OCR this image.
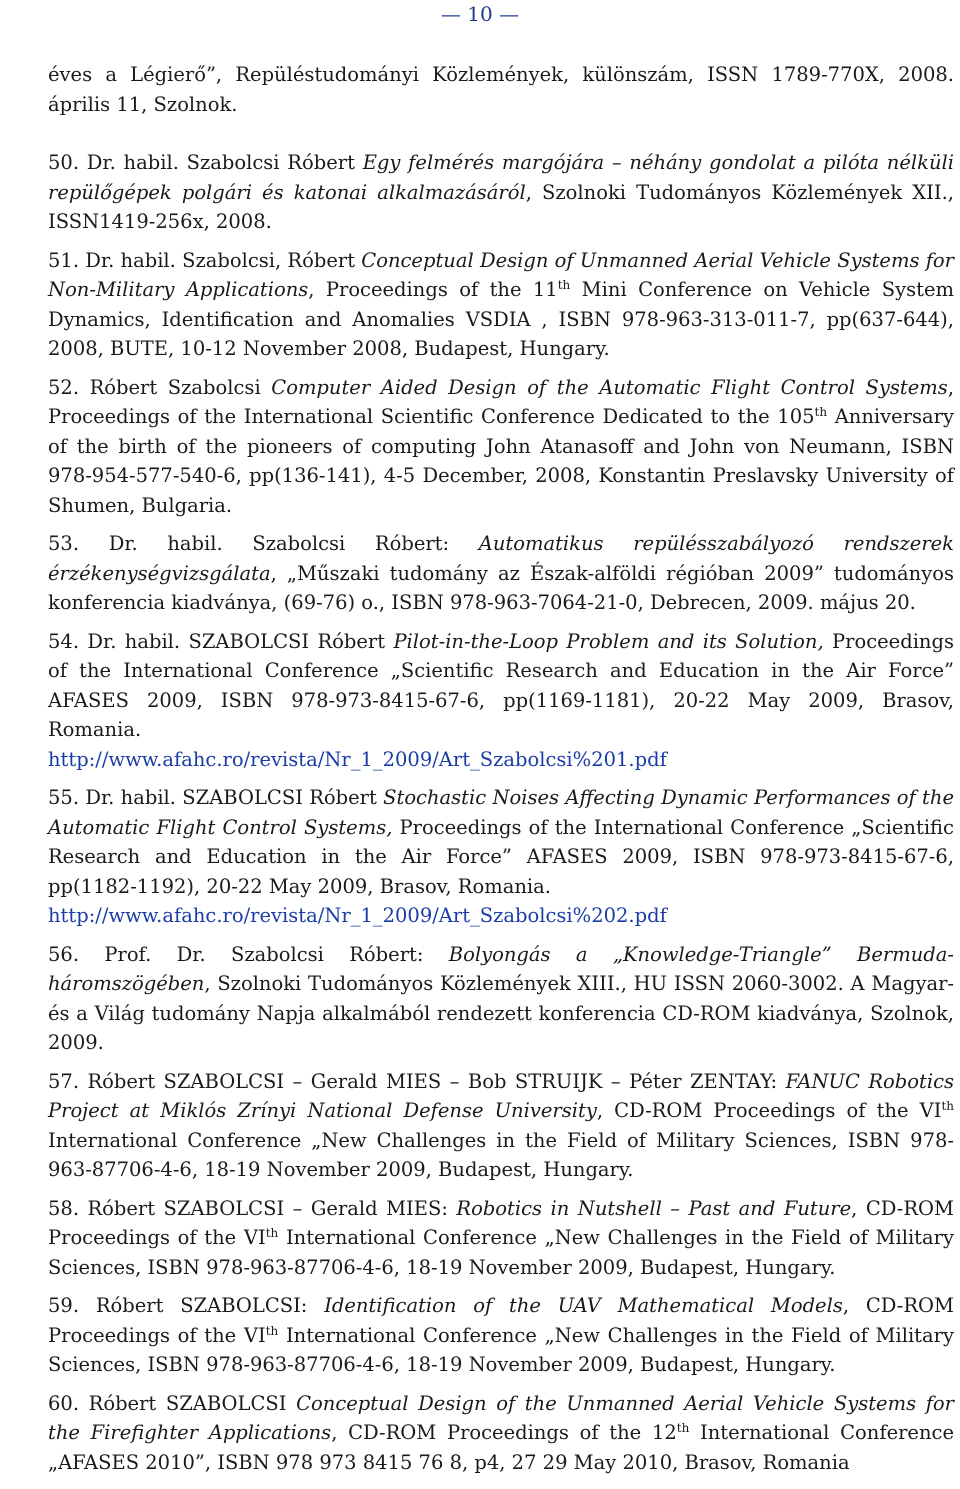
— 10 —

éves a Légierő”, Repüléstudományi Közlemények, különszám, ISSN 1789-770X, 2008. április 11, Szolnok.

50. Dr. habil. Szabolcsi Róbert Egy felmérés margójára – néhány gondolat a pilóta nélküli repülőgépek polgári és katonai alkalmazásáról, Szolnoki Tudományos Közlemények XII., ISSN1419-256x, 2008.

51. Dr. habil. Szabolcsi, Róbert Conceptual Design of Unmanned Aerial Vehicle Systems for Non-Military Applications, Proceedings of the 11th Mini Conference on Vehicle System Dynamics, Identification and Anomalies VSDIA , ISBN 978-963-313-011-7, pp(637-644), 2008, BUTE, 10-12 November 2008, Budapest, Hungary.

52. Róbert Szabolcsi Computer Aided Design of the Automatic Flight Control Systems, Proceedings of the International Scientific Conference Dedicated to the 105th Anniversary of the birth of the pioneers of computing John Atanasoff and John von Neumann, ISBN 978-954-577-540-6, pp(136-141), 4-5 December, 2008, Konstantin Preslavsky University of Shumen, Bulgaria.

53. Dr. habil. Szabolcsi Róbert: Automatikus repülésszabályozó rendszerek érzékenységvizsgálata, „Műszaki tudomány az Észak-alföldi régióban 2009” tudományos konferencia kiadványa, (69-76) o., ISBN 978-963-7064-21-0, Debrecen, 2009. május 20.

54. Dr. habil. SZABOLCSI Róbert Pilot-in-the-Loop Problem and its Solution, Proceedings of the International Conference „Scientific Research and Education in the Air Force” AFASES 2009, ISBN 978-973-8415-67-6, pp(1169-1181), 20-22 May 2009, Brasov, Romania.
http://www.afahc.ro/revista/Nr_1_2009/Art_Szabolcsi%201.pdf

55. Dr. habil. SZABOLCSI Róbert Stochastic Noises Affecting Dynamic Performances of the Automatic Flight Control Systems, Proceedings of the International Conference „Scientific Research and Education in the Air Force” AFASES 2009, ISBN 978-973-8415-67-6, pp(1182-1192), 20-22 May 2009, Brasov, Romania.
http://www.afahc.ro/revista/Nr_1_2009/Art_Szabolcsi%202.pdf

56. Prof. Dr. Szabolcsi Róbert: Bolyongás a „Knowledge-Triangle” Bermuda-háromszögében, Szolnoki Tudományos Közlemények XIII., HU ISSN 2060-3002. A Magyar- és a Világ tudomány Napja alkalmából rendezett konferencia CD-ROM kiadványa, Szolnok, 2009.

57. Róbert SZABOLCSI – Gerald MIES – Bob STRUIJK – Péter ZENTAY: FANUC Robotics Project at Miklós Zrínyi National Defense University, CD-ROM Proceedings of the VIth International Conference „New Challenges in the Field of Military Sciences, ISBN 978-963-87706-4-6, 18-19 November 2009, Budapest, Hungary.

58. Róbert SZABOLCSI – Gerald MIES: Robotics in Nutshell – Past and Future, CD-ROM Proceedings of the VIth International Conference „New Challenges in the Field of Military Sciences, ISBN 978-963-87706-4-6, 18-19 November 2009, Budapest, Hungary.

59. Róbert SZABOLCSI: Identification of the UAV Mathematical Models, CD-ROM Proceedings of the VIth International Conference „New Challenges in the Field of Military Sciences, ISBN 978-963-87706-4-6, 18-19 November 2009, Budapest, Hungary.

60. Róbert SZABOLCSI Conceptual Design of the Unmanned Aerial Vehicle Systems for the Firefighter Applications, CD-ROM Proceedings of the 12th International Conference „AFASES 2010”, ISBN 978 973 8415 76 8, p4, 27 29 May 2010, Brasov, Romania
